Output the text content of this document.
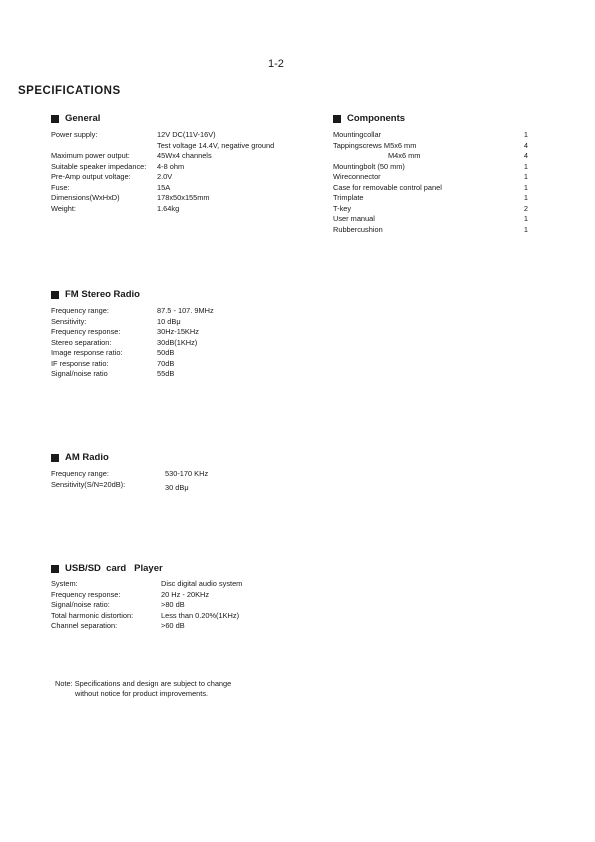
1-2
SPECIFICATIONS
General
Power supply:	12V DC(11V-16V)
Test voltage 14.4V, negative ground
Maximum power output:	45Wx4 channels
Suitable speaker impedance: 4-8 ohm
Pre-Amp output voltage:	2.0V
Fuse:	15A
Dimensions(WxHxD)	178x50x155mm
Weight:	1.64kg
Components
Mountingcollar	1
Tappingscrews M5x6 mm	4
M4x6 mm	4
Mountingbolt (50 mm)	1
Wireconnector	1
Case for removable control panel	1
Trimplate	1
T-key	2
User manual	1
Rubbercushion	1
FM Stereo Radio
Frequency range:	87.5 - 107. 9MHz
Sensitivity:	10 dBμ
Frequency response:	30Hz-15KHz
Stereo separation:	30dB(1KHz)
Image response ratio:	50dB
IF response ratio:	70dB
Signal/noise ratio	55dB
AM Radio
Frequency range:	530-170 KHz
Sensitivity(S/N=20dB):	30 dBμ
USB/SD  card   Player
System:	Disc digital audio system
Frequency response:	20 Hz - 20KHz
Signal/noise ratio:	>80 dB
Total harmonic distortion:	Less than 0.20%(1KHz)
Channel separation:	>60 dB
Note: Specifications and design are subject to change
without notice for product improvements.
